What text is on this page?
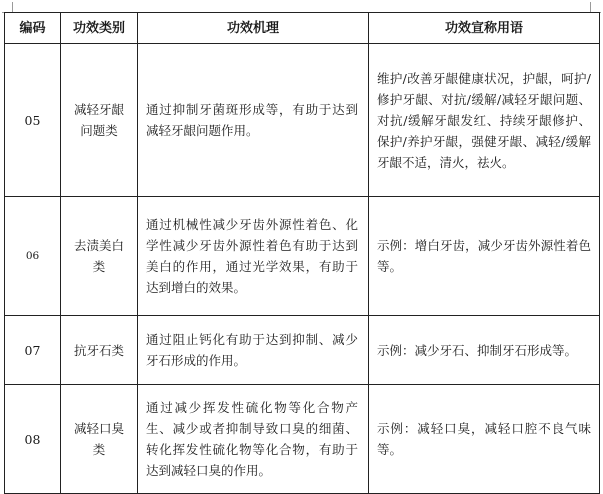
编码	功效类别	功效机理	功效宣称用语
05	减轻牙龈问题类	通过抑制牙菌斑形成等，有助于达到减轻牙龈问题作用。	维护/改善牙龈健康状况，护龈，呵护/修护牙龈、对抗/缓解/减轻牙龈问题、对抗/缓解牙龈发红、持续牙龈修护、保护/养护牙龈，强健牙龈、减轻/缓解牙龈不适，清火，祛火。
06	去渍美白类	通过机械性减少牙齿外源性着色、化学性减少牙齿外源性着色有助于达到美白的作用，通过光学效果，有助于达到增白的效果。	示例：增白牙齿，减少牙齿外源性着色等。
07	抗牙石类	通过阻止钙化有助于达到抑制、减少牙石形成的作用。	示例：减少牙石、抑制牙石形成等。
08	减轻口臭类	通过减少挥发性硫化物等化合物产生、减少或者抑制导致口臭的细菌、转化挥发性硫化物等化合物，有助于达到减轻口臭的作用。	示例：减轻口臭，减轻口腔不良气味等。
